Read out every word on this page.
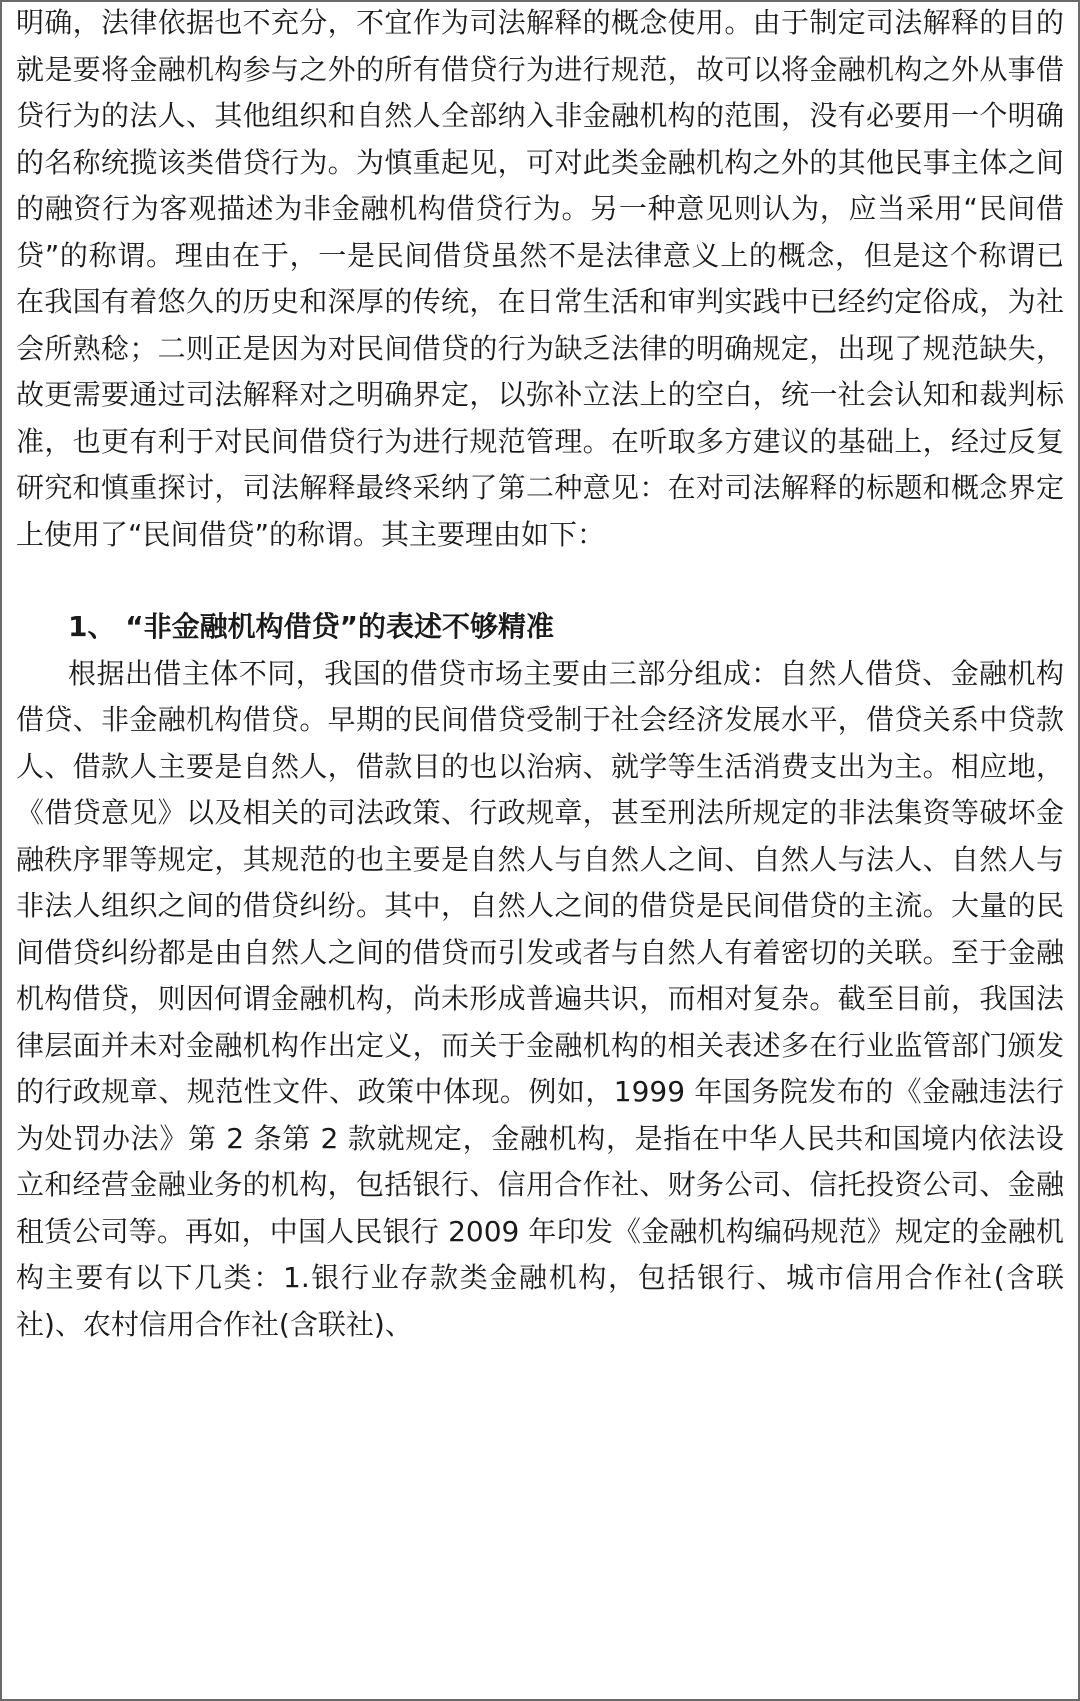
明确，法律依据也不充分，不宜作为司法解释的概念使用。由于制定司法解释的目的就是要将金融机构参与之外的所有借贷行为进行规范，故可以将金融机构之外从事借贷行为的法人、其他组织和自然人全部纳入非金融机构的范围，没有必要用一个明确的名称统揽该类借贷行为。为慎重起见，可对此类金融机构之外的其他民事主体之间的融资行为客观描述为非金融机构借贷行为。另一种意见则认为，应当采用“民间借贷”的称谓。理由在于，一是民间借贷虽然不是法律意义上的概念，但是这个称谓已在我国有着悠久的历史和深厚的传统，在日常生活和审判实践中已经约定俗成，为社会所熟稔；二则正是因为对民间借贷的行为缺乏法律的明确规定，出现了规范缺失，故更需要通过司法解释对之明确界定，以弥补立法上的空白，统一社会认知和裁判标准，也更有利于对民间借贷行为进行规范管理。在听取多方建议的基础上，经过反复研究和慎重探讨，司法解释最终采纳了第二种意见：在对司法解释的标题和概念界定上使用了“民间借贷”的称谓。其主要理由如下：

1、 “非金融机构借贷”的表述不够精准

根据出借主体不同，我国的借贷市场主要由三部分组成：自然人借贷、金融机构借贷、非金融机构借贷。早期的民间借贷受制于社会经济发展水平，借贷关系中贷款人、借款人主要是自然人，借款目的也以治病、就学等生活消费支出为主。相应地，《借贷意见》以及相关的司法政策、行政规章，甚至刑法所规定的非法集资等破坏金融秩序罪等规定，其规范的也主要是自然人与自然人之间、自然人与法人、自然人与非法人组织之间的借贷纠纷。其中，自然人之间的借贷是民间借贷的主流。大量的民间借贷纠纷都是由自然人之间的借贷而引发或者与自然人有着密切的关联。至于金融机构借贷，则因何谓金融机构，尚未形成普遍共识，而相对复杂。截至目前，我国法律层面并未对金融机构作出定义，而关于金融机构的相关表述多在行业监管部门颁发的行政规章、规范性文件、政策中体现。例如，1999 年国务院发布的《金融违法行为处罚办法》第 2 条第 2 款就规定，金融机构，是指在中华人民共和国境内依法设立和经营金融业务的机构，包括银行、信用合作社、财务公司、信托投资公司、金融租赁公司等。再如，中国人民银行 2009 年印发《金融机构编码规范》规定的金融机构主要有以下几类：1.银行业存款类金融机构，包括银行、城市信用合作社(含联社)、农村信用合作社(含联社)、
